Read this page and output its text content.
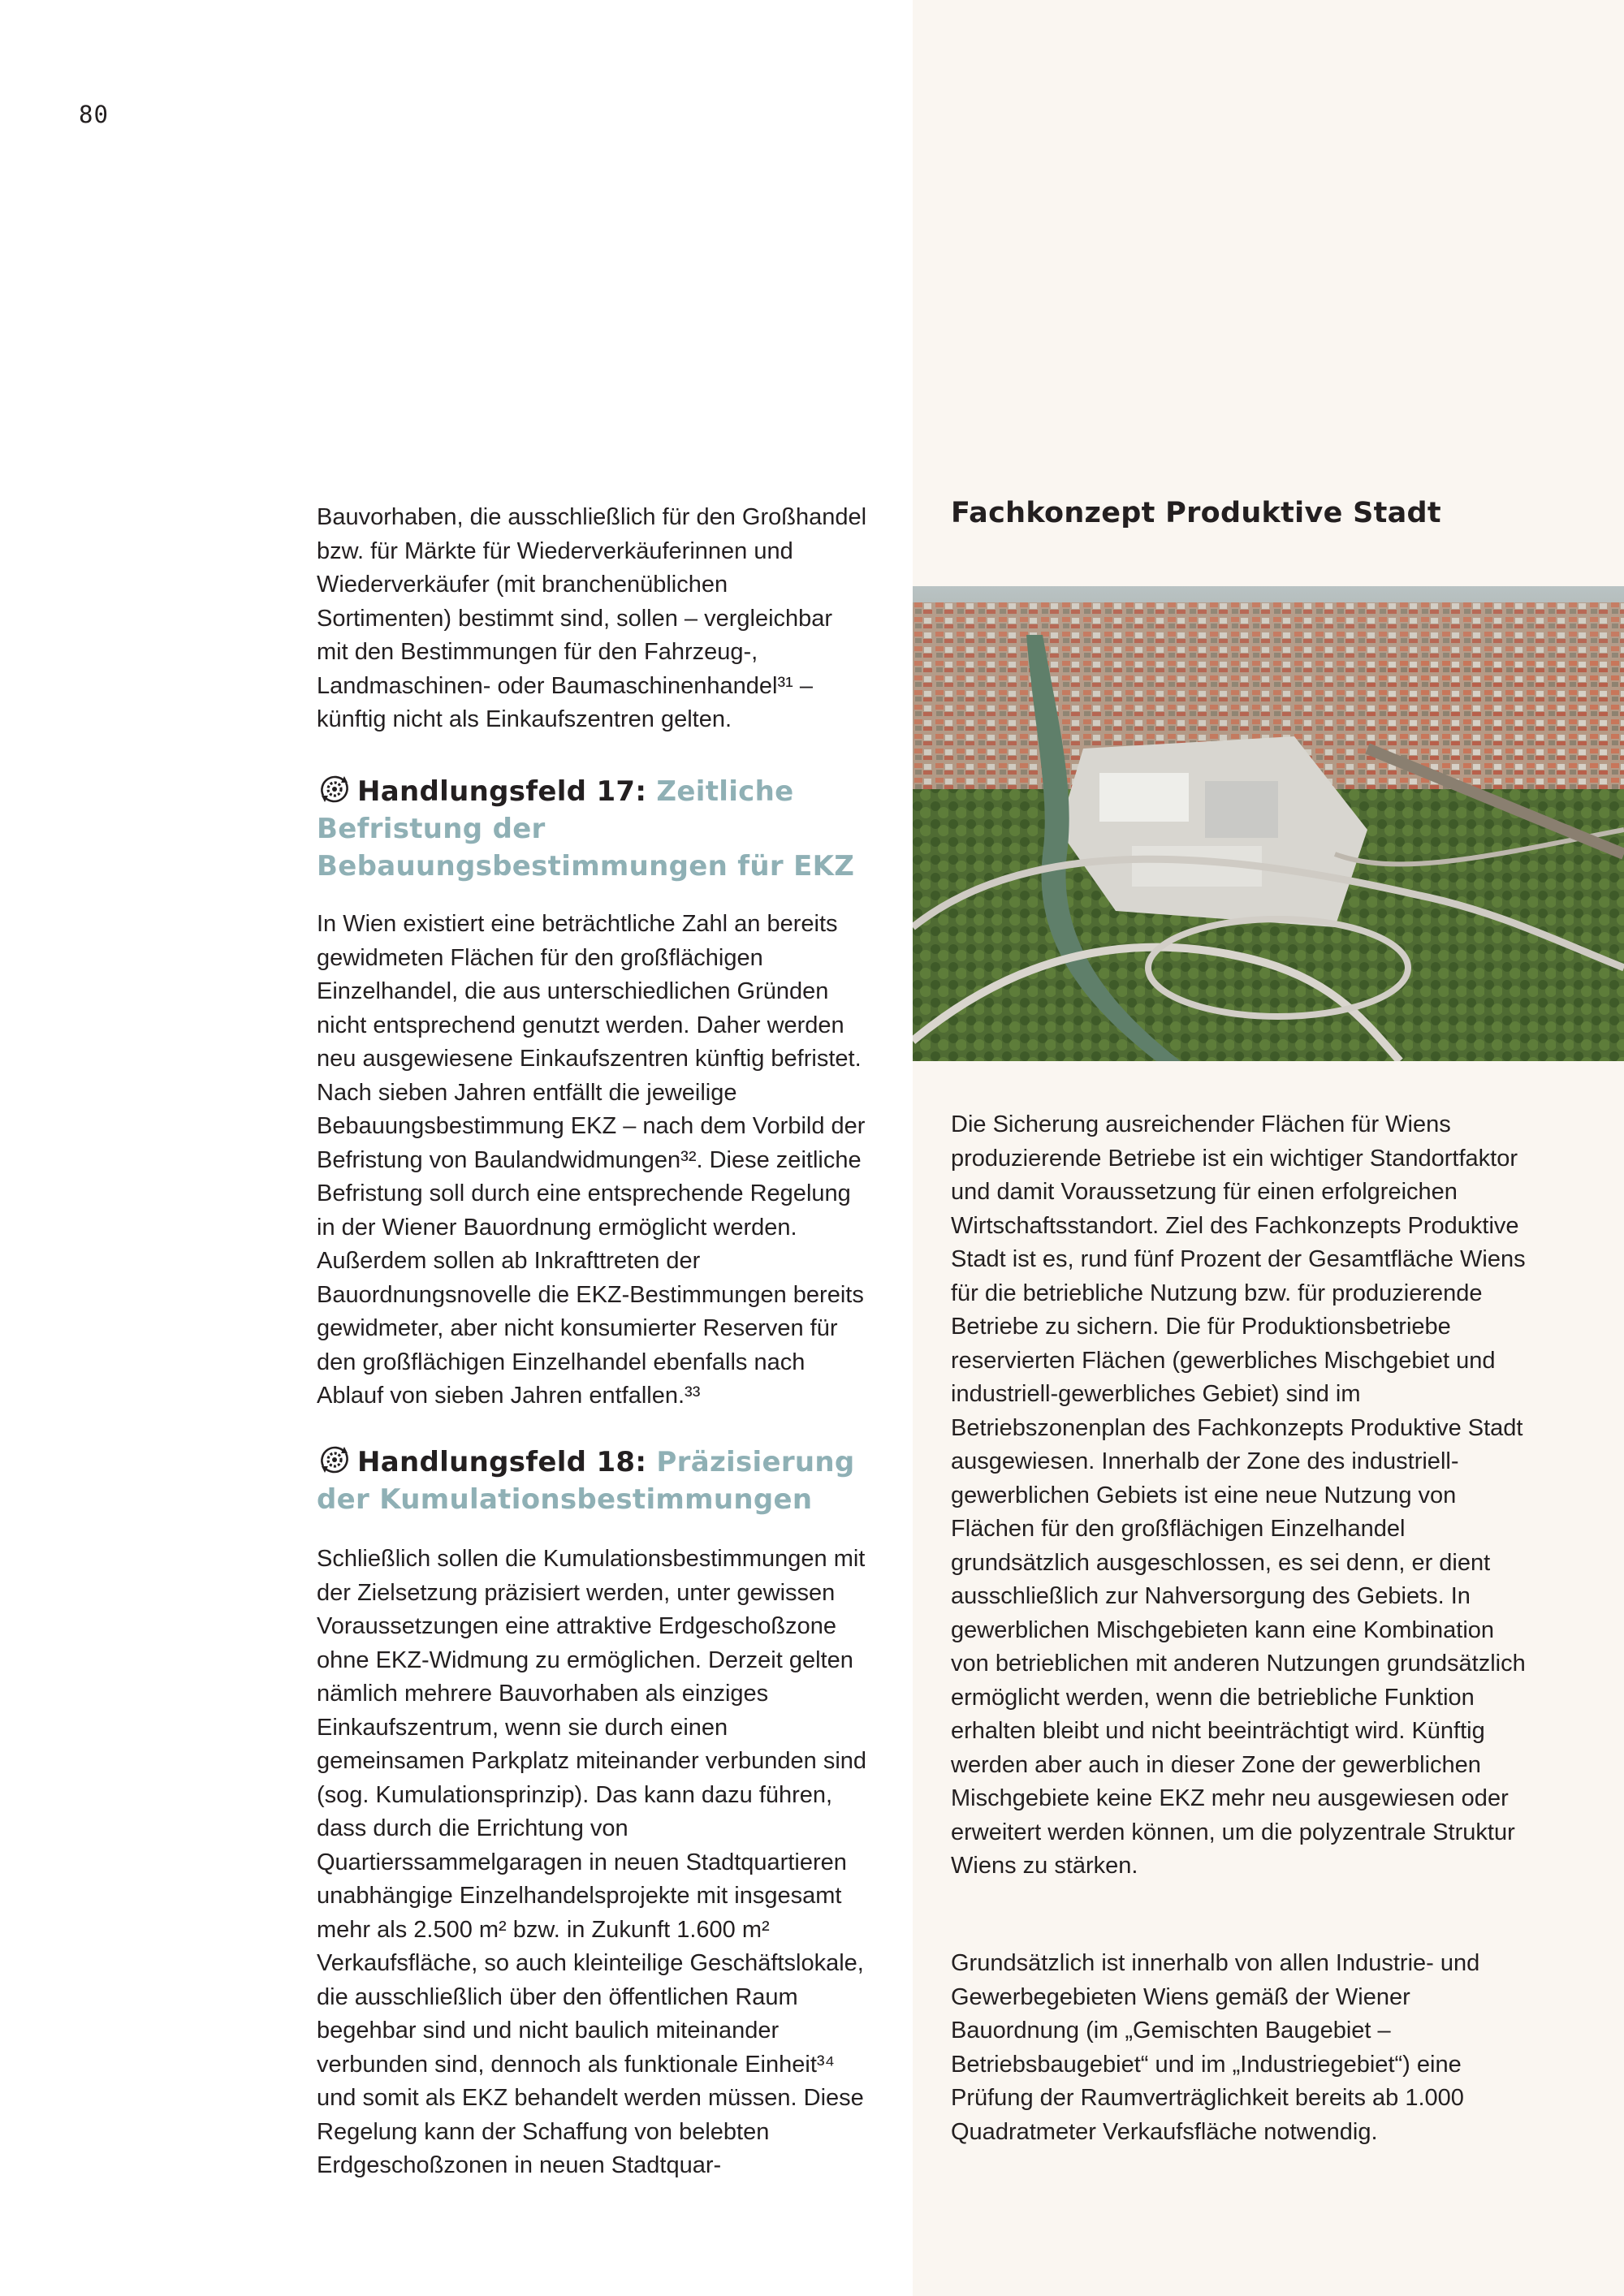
80

Bauvorhaben, die ausschließlich für den Großhandel bzw. für Märkte für Wiederverkäuferinnen und Wiederverkäufer (mit branchenüblichen Sortimenten) bestimmt sind, sollen – vergleichbar mit den Bestimmungen für den Fahrzeug-, Landmaschinen- oder Baumaschinenhandel³¹ – künftig nicht als Einkaufszentren gelten.

Handlungsfeld 17: Zeitliche Befristung der Bebauungsbestimmungen für EKZ

In Wien existiert eine beträchtliche Zahl an bereits gewidmeten Flächen für den großflächigen Einzelhandel, die aus unterschiedlichen Gründen nicht entsprechend genutzt werden. Daher werden neu ausgewiesene Einkaufszentren künftig befristet. Nach sieben Jahren entfällt die jeweilige Bebauungsbestimmung EKZ – nach dem Vorbild der Befristung von Baulandwidmungen³². Diese zeitliche Befristung soll durch eine entsprechende Regelung in der Wiener Bauordnung ermöglicht werden. Außerdem sollen ab Inkrafttreten der Bauordnungsnovelle die EKZ-Bestimmungen bereits gewidmeter, aber nicht konsumierter Reserven für den großflächigen Einzelhandel ebenfalls nach Ablauf von sieben Jahren entfallen.³³

Handlungsfeld 18: Präzisierung der Kumulationsbestimmungen

Schließlich sollen die Kumulationsbestimmungen mit der Zielsetzung präzisiert werden, unter gewissen Voraussetzungen eine attraktive Erdgeschoßzone ohne EKZ-Widmung zu ermöglichen. Derzeit gelten nämlich mehrere Bauvorhaben als einziges Einkaufszentrum, wenn sie durch einen gemeinsamen Parkplatz miteinander verbunden sind (sog. Kumulationsprinzip). Das kann dazu führen, dass durch die Errichtung von Quartierssammelgaragen in neuen Stadtquartieren unabhängige Einzelhandelsprojekte mit insgesamt mehr als 2.500 m² bzw. in Zukunft 1.600 m² Verkaufsfläche, so auch kleinteilige Geschäftslokale, die ausschließlich über den öffentlichen Raum begehbar sind und nicht baulich miteinander verbunden sind, dennoch als funktionale Einheit³⁴ und somit als EKZ behandelt werden müssen. Diese Regelung kann der Schaffung von belebten Erdgeschoßzonen in neuen Stadtquar-

Fachkonzept Produktive Stadt

Die Sicherung ausreichender Flächen für Wiens produzierende Betriebe ist ein wichtiger Standortfaktor und damit Voraussetzung für einen erfolgreichen Wirtschaftsstandort. Ziel des Fachkonzepts Produktive Stadt ist es, rund fünf Prozent der Gesamtfläche Wiens für die betriebliche Nutzung bzw. für produzierende Betriebe zu sichern. Die für Produktionsbetriebe reservierten Flächen (gewerbliches Mischgebiet und industriell-gewerbliches Gebiet) sind im Betriebszonenplan des Fachkonzepts Produktive Stadt ausgewiesen. Innerhalb der Zone des industriell-gewerblichen Gebiets ist eine neue Nutzung von Flächen für den großflächigen Einzelhandel grundsätzlich ausgeschlossen, es sei denn, er dient ausschließlich zur Nahversorgung des Gebiets. In gewerblichen Mischgebieten kann eine Kombination von betrieblichen mit anderen Nutzungen grundsätzlich ermöglicht werden, wenn die betriebliche Funktion erhalten bleibt und nicht beeinträchtigt wird. Künftig werden aber auch in dieser Zone der gewerblichen Mischgebiete keine EKZ mehr neu ausgewiesen oder erweitert werden können, um die polyzentrale Struktur Wiens zu stärken.

Grundsätzlich ist innerhalb von allen Industrie- und Gewerbegebieten Wiens gemäß der Wiener Bauordnung (im „Gemischten Baugebiet – Betriebsbaugebiet“ und im „Industriegebiet“) eine Prüfung der Raumverträglichkeit bereits ab 1.000 Quadratmeter Verkaufsfläche notwendig.
